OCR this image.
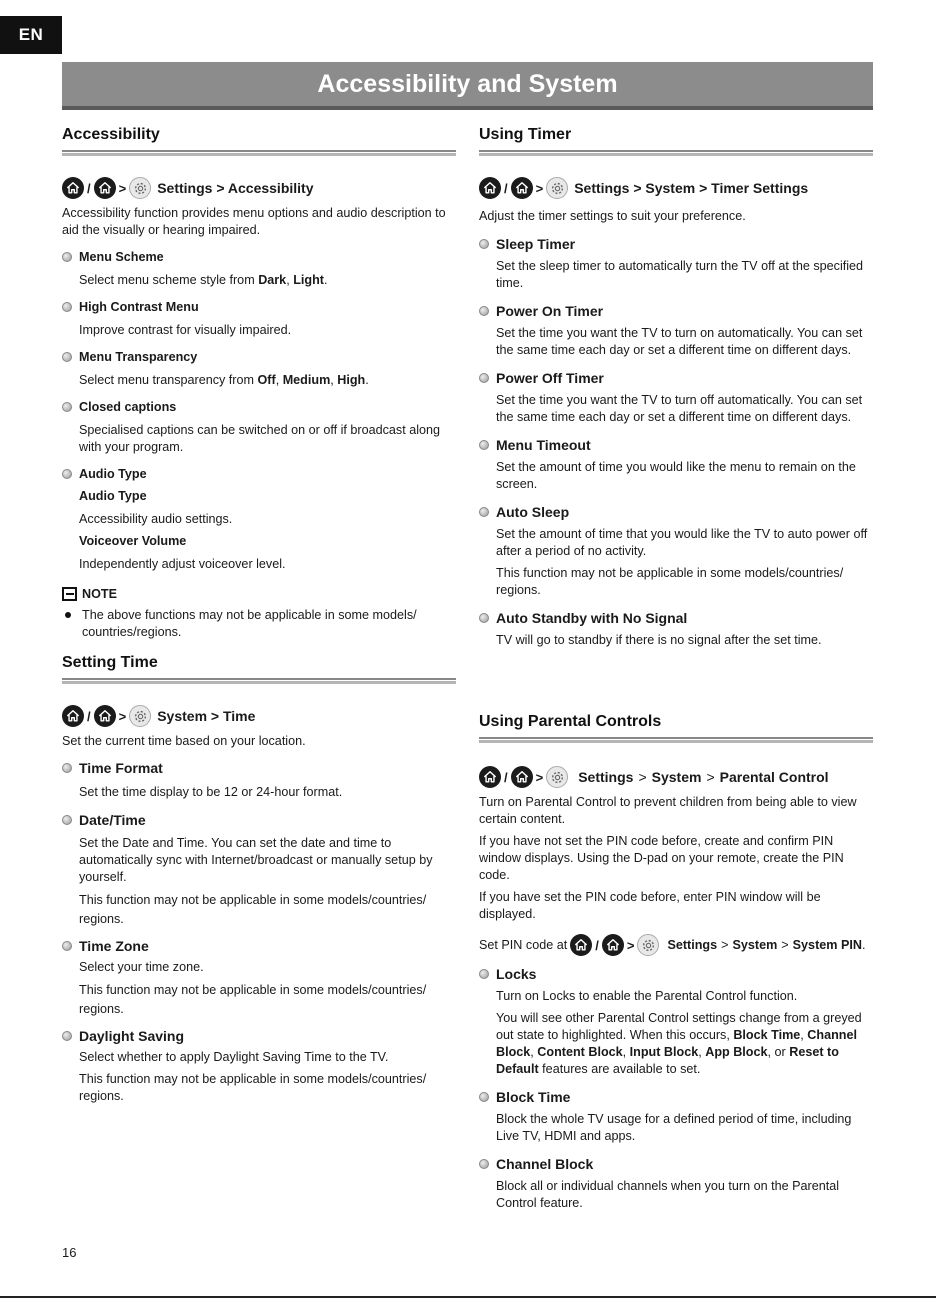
EN
Accessibility and System
Accessibility
/ > Settings > Accessibility
Accessibility function provides menu options and audio description to aid the visually or hearing impaired.
Menu Scheme
Select menu scheme style from Dark, Light.
High Contrast Menu
Improve contrast for visually impaired.
Menu Transparency
Select menu transparency from Off, Medium, High.
Closed captions
Specialised captions can be switched on or off if broadcast along with your program.
Audio Type
Audio Type
Accessibility audio settings.
Voiceover Volume
Independently adjust voiceover level.
NOTE
The above functions may not be applicable in some models/ countries/regions.
Setting Time
/ > System > Time
Set the current time based on your location.
Time Format
Set the time display to be 12 or 24-hour format.
Date/Time
Set the Date and Time. You can set the date and time to automatically sync with Internet/broadcast or manually setup by yourself.
This function may not be applicable in some models/countries/ regions.
Time Zone
Select your time zone.
This function may not be applicable in some models/countries/ regions.
Daylight Saving
Select whether to apply Daylight Saving Time to the TV.
This function may not be applicable in some models/countries/ regions.
Using Timer
/ > Settings > System > Timer Settings
Adjust the timer settings to suit your preference.
Sleep Timer
Set the sleep timer to automatically turn the TV off at the specified time.
Power On Timer
Set the time you want the TV to turn on automatically. You can set the same time each day or set a different time on different days.
Power Off Timer
Set the time you want the TV to turn off automatically. You can set the same time each day or set a different time on different days.
Menu Timeout
Set the amount of time you would like the menu to remain on the screen.
Auto Sleep
Set the amount of time that you would like the TV to auto power off after a period of no activity.
This function may not be applicable in some models/countries/ regions.
Auto Standby with No Signal
TV will go to standby if there is no signal after the set time.
Using Parental Controls
/ >	Settings > System > Parental Control
Turn on Parental Control to prevent children from being able to view certain content.
If you have not set the PIN code before, create and confirm PIN window displays. Using the D-pad on your remote, create the PIN code.
If you have set the PIN code before, enter PIN window will be displayed.
Set PIN code at / >	Settings > System > System PIN .
Locks
Turn on Locks to enable the Parental Control function.
You will see other Parental Control settings change from a greyed out state to highlighted. When this occurs, Block Time, Channel Block, Content Block, Input Block, App Block, or Reset to Default features are available to set.
Block Time
Block the whole TV usage for a defined period of time, including Live TV, HDMI and apps.
Channel Block
Block all or individual channels when you turn on the Parental Control feature.
16
